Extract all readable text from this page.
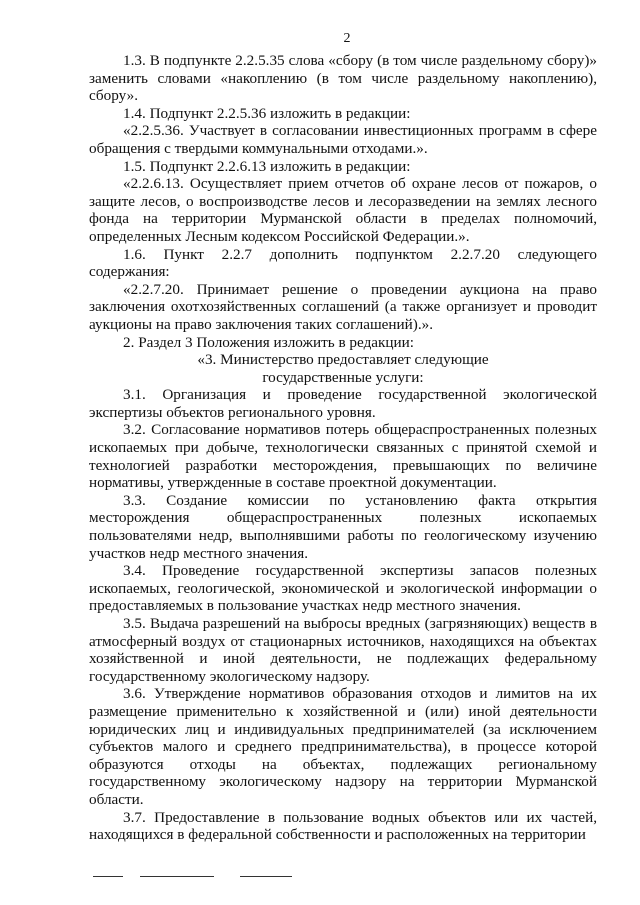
2

1.3. В подпункте 2.2.5.35 слова «сбору (в том числе раздельному сбору)» заменить словами «накоплению (в том числе раздельному накоплению), сбору».

1.4. Подпункт 2.2.5.36 изложить в редакции:

«2.2.5.36. Участвует в согласовании инвестиционных программ в сфере обращения с твердыми коммунальными отходами.».

1.5. Подпункт 2.2.6.13 изложить в редакции:

«2.2.6.13. Осуществляет прием отчетов об охране лесов от пожаров, о защите лесов, о воспроизводстве лесов и лесоразведении на землях лесного фонда на территории Мурманской области в пределах полномочий, определенных Лесным кодексом Российской Федерации.».

1.6. Пункт 2.2.7 дополнить подпунктом 2.2.7.20 следующего содержания:

«2.2.7.20. Принимает решение о проведении аукциона на право заключения охотхозяйственных соглашений (а также организует и проводит аукционы на право заключения таких соглашений).».

2. Раздел 3 Положения изложить в редакции:

«3. Министерство предоставляет следующие

государственные услуги:

3.1. Организация и проведение государственной экологической экспертизы объектов регионального уровня.

3.2. Согласование нормативов потерь общераспространенных полезных ископаемых при добыче, технологически связанных с принятой схемой и технологией разработки месторождения, превышающих по величине нормативы, утвержденные в составе проектной документации.

3.3. Создание комиссии по установлению факта открытия месторождения общераспространенных полезных ископаемых пользователями недр, выполнявшими работы по геологическому изучению участков недр местного значения.

3.4. Проведение государственной экспертизы запасов полезных ископаемых, геологической, экономической и экологической информации о предоставляемых в пользование участках недр местного значения.

3.5. Выдача разрешений на выбросы вредных (загрязняющих) веществ в атмосферный воздух от стационарных источников, находящихся на объектах хозяйственной и иной деятельности, не подлежащих федеральному государственному экологическому надзору.

3.6. Утверждение нормативов образования отходов и лимитов на их размещение применительно к хозяйственной и (или) иной деятельности юридических лиц и индивидуальных предпринимателей (за исключением субъектов малого и среднего предпринимательства), в процессе которой образуются отходы на объектах, подлежащих региональному государственному экологическому надзору на территории Мурманской области.

3.7. Предоставление в пользование водных объектов или их частей, находящихся в федеральной собственности и расположенных на территории
